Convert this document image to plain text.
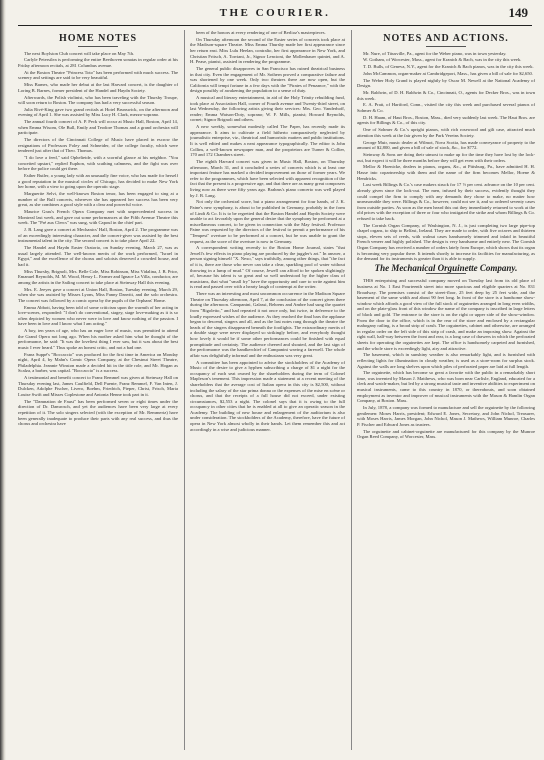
THE COURIER.	149
HOME NOTES

The next Boylston Club concert will take place on May 7th.

Carlyle Petersilea is performing the entire Beethoven sonatas in regular order at his Friday afternoon recitals, at 281 Columbus avenue.

At the Boston Theatre "Princess Toto" has been performed with much success. The scenery and settings are said to be very beautiful.

Miss Barnes, who made her debut at the last Harvard concert, is the daughter of Loring B. Barnes, former president of the Handel and Haydn Society.

Afterwards, the Polish violinist, who has been traveling with the Thursby Troupe, will soon return to Boston. The company has had a very successful season.

Julia Rivé-King gave two grand recitals at Hotel Brunswick, on the afternoon and evening of April 1. She was assisted by Miss Lucy H. Clark, mezzo-soprano.

The annual fourth concert of A. P. Peck will occur at Music Hall, Boston, April 14, when Emma Wixom, Ole Bull, Emily and Teodore Thomas and a grand orchestra will participate.

The directors of the Cincinnati College of Music have placed in escrow the resignations of Professors Foley and Schneider, of the college faculty, which were tendered just after that of Theo. Thomas.

"I do love a feed," said Ophelieide, with a scornful glance at his neighbor. "You conceited upstart," replied Euphon, with scathing calmness, and the fight was over before the police could get there.

Esther Butler, a young lady with an unusually fine voice, who has made for herself a good reputation in the musical circles of Chicago, has decided to make New York her home, with a view to going upon the operatic stage.

Marguerite Selvi, the well-known Boston tenor, has been engaged to sing at a number of the Bull concerts, wherever she has appeared her success has been very great, as she combines a good style with a clear and powerful voice.

Maurice Grau's French Opera Company met with unprecedented success in Montreal last week, and gave out some performances at the Fifth Avenue Theatre this week. The "Pré aux Clercs" was sung, with Capoul in the chief part.

J. B. Lang gave a concert at Mechanics' Hall, Boston, April 2. The programme was of an exceedingly interesting character, and the concert-giver was assisted by the best instrumental talent in the city. The second concert is to take place April 22.

The Handel and Haydn Easter Oratorio, on Sunday evening, March 27, was as usual largely attended. The well-known merits of the work performed, "Israel in Egypt," and the excellence of the chorus and soloists deserved a crowded house, and had it.

Miss Thursby, Brignoli, Mrs. Belle Cole, Miss Robinson, Miss Vidalina, J. B. Prior, Emanuel Reynolds, M. M. Wood, Henry L. Farmer and Ignace La Villa, conductor, are among the artists in the Sailing concert to take place at Steinway Hall this evening.

Mrs. E. Jeeyes gave a concert at Union Hall, Boston, Tuesday evening, March 29, when she was assisted by Misses Lyons, Miss Fanny Danvitt, and the solo orchestra. The concert was followed by a comic opera by the pupils of the Orphans' Home.

Emma Abbott, having been told of some criticism upon the warmth of her acting in love-scenes, responded: "I don't do conventional, stagey, stage love-making as it is so often depicted by women who never were in love and know nothing of the passion. I have been in love and I know what I am acting."

A boy, ten years of age, who has an eager love of music, was permitted to attend the Grand Opera not long ago. When his mother asked him what he thought of the performance, he said: "It was the loveliest thing I ever saw, but it was about the best music I ever heard." Thus spoke an honest critic, and not a bad one.

Franz Suppé's "Boccaccio" was produced for the first time in America on Monday night, April 4, by Mahn's Comic Opera Company, at the Chestnut Street Theatre, Philadelphia. Jeannie Winston made a decided hit in the title role, and Mr. Hogan as Scalza, a barber, was capital. "Boccaccio" is a success.

A testimonial and benefit concert to Franz Remmel was given at Steinway Hall on Thursday evening last, James Caulfield, Dell Puente, Franz Remmel, F. Van Inten, J. Dulcken, Adolphe Fischer, Livero, Boehm, Friedrich, Pieper, Christ, Frisch, Maria Louise Swift and Misses Coplestone and Antonia Henne took part in it.

The "Damnation de Faust" has been performed seven or eight times under the direction of Dr. Damrosch, and yet the audiences have been very large at every repetition of it. The solo singers selected (with the exception of Mr. Remmertz) have been generally inadequate to produce their parts with any real success, and thus the chorus and orchestra have

been of the honors at every rendering of one of Berlioz's masterpieces.

On Thursday afternoon the second of the Easter series of concerts took place at the Madison-square Theatre. Miss Emma Thursby made her first appearance since her return east. Miss Lulu Heelan, contralto, her first appearance in New York, and Christian Fritsch, A. Torriani, Jr., Signor Lencioni, the Mollenhauer quintet, and A. H. Pease, pianist, assisted in rendering the programme.

The general public disapproves in San Francisco has ruined theatrical business in that city. Even the engagement of Mr. Sothern proved a comparative failure and was shortened by one week. Only two theatres there are now open, but the California will tempt fortune in a few days with the "Pirates of Penzance," with the design possibly of awakening the population to a sense of duty.

A musical and literary entertainment, in aid of the Holy Trinity rebuilding fund, took place at Association Hall, corner of Fourth avenue and Twenty-third street, on last Wednesday, the following artists giving their services: Mrs. Geo. Vanderhoff, reader; Emma Watson-Doty, soprano; W. F. Mills, pianist; Howard Reynolds, cornet; Signor Brignoli and others.

A new weekly, somewhat modestly called The Paper, has recently made its appearance. It aims to cultivate a field hitherto comparatively neglected by journalistic enterprise, viz., theatrical and humoristic matters and public institutions. It is well edited and makes a neat appearance typographically. The editor is John Collins, a well-known newspaper man, and the proprietors are Turner & Collier, 170 and 172 Chambers street.

The eighth Harvard concert was given in Music Hall, Boston, on Thursday afternoon, March 31, and it concluded a series of concerts which is at least one important feature has marked a decided improvement on those of former years. We refer to the programmes, which have been selected with apparent recognition of the fact that the present is a progressive age, and that there are as many great composers living now as there were fifty years ago. Brahms's piano concerto was well played by J. B. Lang.

Not only the orchestral score, but a piano arrangement for four hands, of J. K. Paine's new symphony, is about to be published in Germany, probably in the form of Lindt & Co. It is to be regretted that the Boston Handel and Haydn Society were unable to act favorably upon the general desire that the symphony be performed at a miscellaneous concert, to be given in connection with the May festival. Professor Paine was requested by the directors of the festival to permit a performance of his "Tempest" overture to be performed at a concert, but he was unable to grant the request, as the score of the overture is now in Germany.

A correspondent writing recently to the Boston Home Journal, states "that Jewell's few effects in piano playing are produced by the juggler's art." In answer, a person signing himself "X. Nexo," says truthfully, among other things, that "the fact of it is, there are those who never can take a clear, sparkling pool of water without throwing in a lump of mud." Of course, Jewell can afford to be spoken slightingly of, because his talent is so great and so well understood by the higher class of musicians, that what "small fry" have the opportunity and care to write against him is read and passed over with a hearty laugh of contempt at the writer.

There was an interesting and most uncommon occurrence in the Madison Square Theatre on Thursday afternoon, April 7, at the conclusion of the concert given there during the afternoon. Campanini, Galassi, Behrens and Ambre had sung the quartet from "Rigoletto," and had repeated it not once only, but twice, in deference to the loudly expressed wishes of the audience. As they reached the final bars the applause began to descend, singers and all, and as the last notes rang through the theatre the heads of the singers disappeared beneath the footlights. The extraordinary merits of a double stage were never displayed so strikingly before, and everybody thought how lovely it would be if some other performances could be finished with equal promptitude and certainty. The audience cheered and shouted, and the last sign of the performance was the handkerchief of Campanini waving a farewell. The whole affair was delightfully informal and the enthusiasm was very great.

A committee has been appointed to advise the stockholders of the Academy of Music of the desire to give a hyphen subscribing a charge of $1 a night for the occupancy of each seat owned by the shareholders during the term of Colonel Mapleson's tenement. This impression made a statement at a recent meeting of the shareholders that the average cost of Italian opera in this city is $2,500, without including the salary of the star prima donna or the expenses of the mise en scène or chorus, and that the receipts of a full house did not exceed, under existing circumstances, $2,553 a night. The colonel says that it is owing to the full occupancy in other cities that he is enabled at all to give an operatic season in the Academy. The building of new house and enlargement of the auditorium is also under consideration. The stockholders of the Academy, therefore, have the future of opera in New York almost wholly in their hands. Let them remember this and act accordingly in a wise and judicious manner.

NOTES AND ACTIONS.

Mr. Nure, of Titusville, Pa., agent for the Weber piano, was in town yesterday.

W. Gotham, of Worcester, Mass., agent for Kranich & Bach, was in the city this week.

T. D. Bulls, of Geneva, N.Y., agent for the Kranich & Bach pianos, was in the city this week.

John McCammon, organ-maker at Cambridgeport, Mass., has given a bill of sale for $2,650.

The Weber Holy Grand is played nightly by Oscar M. Newell at the National Academy of Design.

Mr. Baldwin, of D. H. Baldwin & Co., Cincinnati, O., agents for Decker Bros., was in town this week.

E. A. Pratt, of Hartford, Conn., visited the city this week and purchased several pianos of Sohmer & Co.

D. H. Haam, of Haut Bros., Boston, Mass., died very suddenly last week. The Haut Bros. are agents for Billings & Co., of this city.

One of Sohmer & Co.'s upright pianos, with rich rosewood and gilt case, attracted much attention this week at the fair given by the Park Vereins Society.

George Muir, music dealer at Wilmot, Nova Scotia, has made conveyance of property to the amount of $2,800, and given a bill of sale of stock, &c., for $772.

Steinway & Sons are doing their utmost to make up for the time they have lost by the lock-out, but expect it will be three months before they will get even with their orders.

Mellor & Hoenicke, dealers in pianos, organs, &c., at Pittsburg, Pa., have admitted H. H. Hasse into copartnership with them and the name of the firm becomes Mellor, Hoene & Hendricks.

Last week Billings & Co.'s case makers struck for 17 ½ per cent. advance on the 10 per cent. already given since the lock-out. The men, infused by their success, evidently thought they could compel the firm to comply with any demands they chose to make, no matter how unreasonable they were. Billings & Co., however, could not see it, and so ordered seventy cases from outside parties. As soon as the men heard this out they immediately returned to work at the old prices with the exception of three or four who instigated the strike and whom Billings & Co. refused to take back.

The Cornish Organ Company, of Washington, N. J., is just completing two large pipe-top chapel organs, to ship to Belfast, Ireland. They are made to order, with five octaves and thirteen stops, eleven sets of reeds, with walnut cases handsomely trimmed and inlaid in beautiful French veneer and highly polished. The design is very handsome and entirely new. The Cornish Organ Company has received a number of orders lately from Europe, which shows that its organ is becoming very popular there. It intends shortly to increase its facilities for manufacturing, as the demand for its instruments is greater than it is able to supply.

The Mechanical Orguinette Company.

THIS enterprising and successful company moved on Tuesday last from its old place of business at No. 1 East Fourteenth street into more spacious and eligible quarters at No. 831 Broadway. The premises consist of the street-floor, 25 feet deep by 25 feet wide, and the basement of the same width and about 90 feet long. In front of the store is a handsome show-window which affords a good view of the full stock of orguinettes arranged in long even widths, and on the plate-glass front of this window the name of the company is inscribed in large letters of black and gold. The entrance to the store is on the right or upper side of the show-window. From the door to the office, which is in the rear of the store and enclosed by a rectangular mahogany railing, is a broad strip of crash. The orguinettes, cabinet and otherwise, are arranged in regular order on the left side of this strip of crash, and make an imposing show. Against the right wall, half-way between the front and rear, is a long case of drawers in which the perforated sheets for operating the orguinettes are kept. The office is handsomely carpeted and furnished, and the whole store is exceedingly light, airy and attractive.

The basement, which in sunshiny weather is also remarkably light, and is furnished with reflecting lights for illumination in cloudy weather, is used as a store-room for surplus stock. Against the walls are long shelves upon which piles of perforated paper are laid at full length.

The orguinette, which has become so great a favorite with the public in a remarkably short time, was invented by Mason J. Matthews, who was born near Carlisle, England, educated for a clerk and watch-maker, but led by a strong musical taste and inventive abilities to experiment on musical instruments, came to this country in 1870, or thereabouts, and soon obtained employment as inventor and improver of musical instruments with the Mason & Hamlin Organ Company, at Boston. Mass.

In July, 1878, a company was formed to manufacture and sell the orguinette by the following gentlemen: Moses Harris, president; Edward E. Jones, Secretary, and John Nichol, Treasurer, with Moses Harris, James Morgan, John Nichol, Mason J. Mathews, William Munroe, Charles P. Fischer and Edward Jones as trustees.

The orguinette and cabinet-orguinette are manufactured for this company by the Munroe Organ Reed Company, of Worcester, Mass.
